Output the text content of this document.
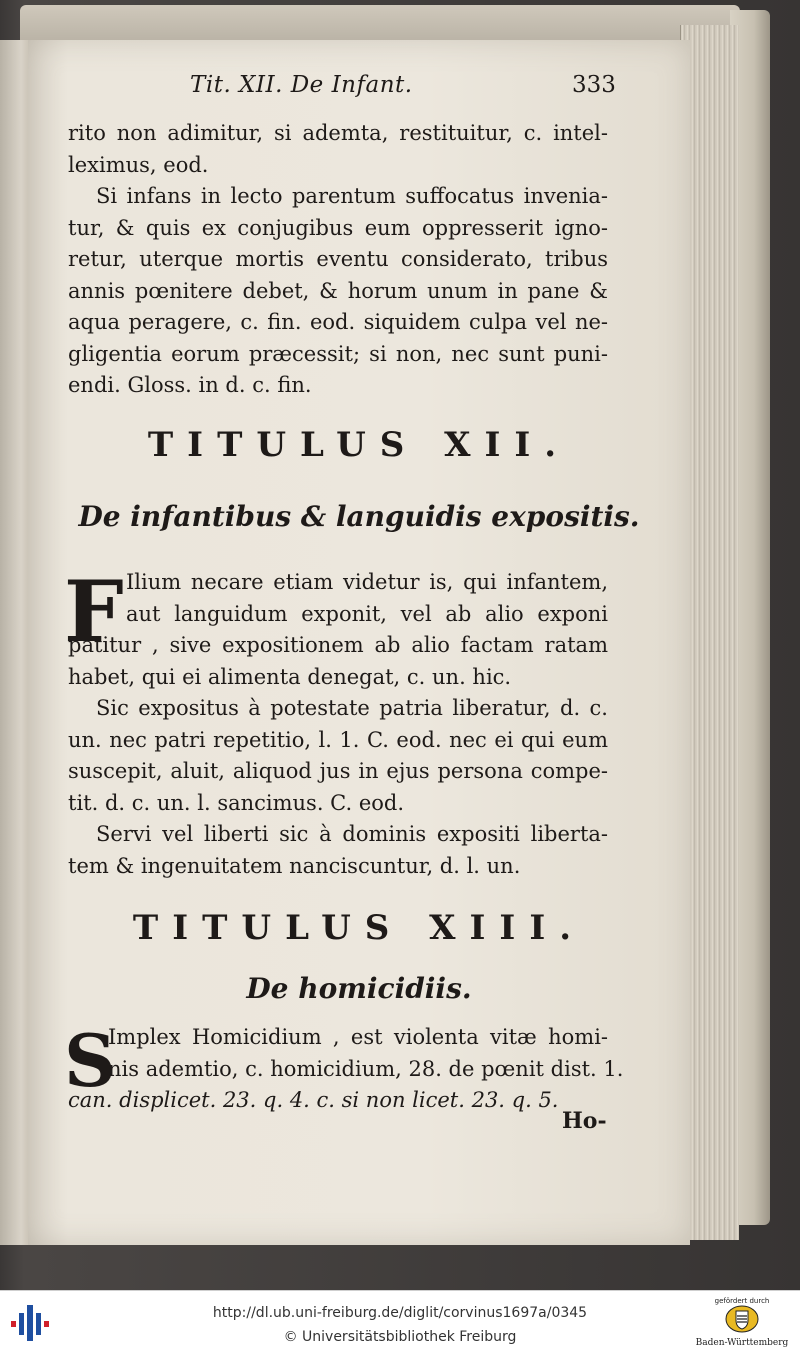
Tit. XII. De Infant.	333
rito non adimitur, si ademta, restituitur, c. intel-
leximus, eod.
Si infans in lecto parentum suffocatus invenia-
tur, & quis ex conjugibus eum oppresserit igno-
retur, uterque mortis eventu considerato, tribus
annis pœnitere debet, & horum unum in pane &
aqua peragere, c. fin. eod. siquidem culpa vel ne-
gligentia eorum præcessit; si non, nec sunt puni-
endi. Gloss. in d. c. fin.
TITULUS XII.
De infantibus & languidis expositis.
F Ilium necare etiam videtur is, qui infantem,
aut languidum exponit, vel ab alio exponi
patitur , sive expositionem ab alio factam ratam
habet, qui ei alimenta denegat, c. un. hic.
Sic expositus à potestate patria liberatur, d. c.
un. nec patri repetitio, l. 1. C. eod. nec ei qui eum
suscepit, aluit, aliquod jus in ejus persona compe-
tit. d. c. un. l. sancimus. C. eod.
Servi vel liberti sic à dominis expositi liberta-
tem & ingenuitatem nanciscuntur, d. l. un.
TITULUS XIII.
De homicidiis.
S
Implex Homicidium , est violenta vitæ homi-
nis ademtio, c. homicidium, 28. de pœnit dist. 1.
can. displicet. 23. q. 4. c. si non licet. 23. q. 5.
Ho-
http://dl.ub.uni-freiburg.de/diglit/corvinus1697a/0345
© Universitätsbibliothek Freiburg
gefördert durch
Baden-Württemberg
